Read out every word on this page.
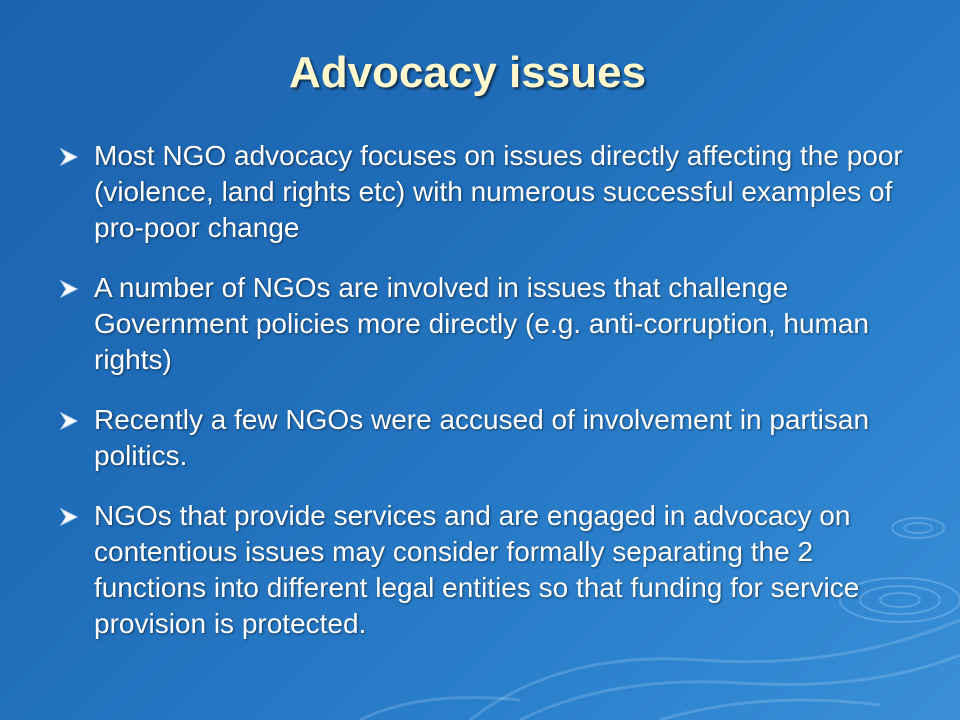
Advocacy issues
Most NGO advocacy focuses on issues directly affecting the poor (violence, land rights etc) with numerous successful examples of pro-poor change
A number of NGOs are involved in issues that challenge Government policies more directly (e.g. anti-corruption, human rights)
Recently a few NGOs were accused of involvement in partisan politics.
NGOs that provide services and are engaged in advocacy on contentious issues may consider formally separating the 2 functions into different legal entities so that funding for service provision is protected.
